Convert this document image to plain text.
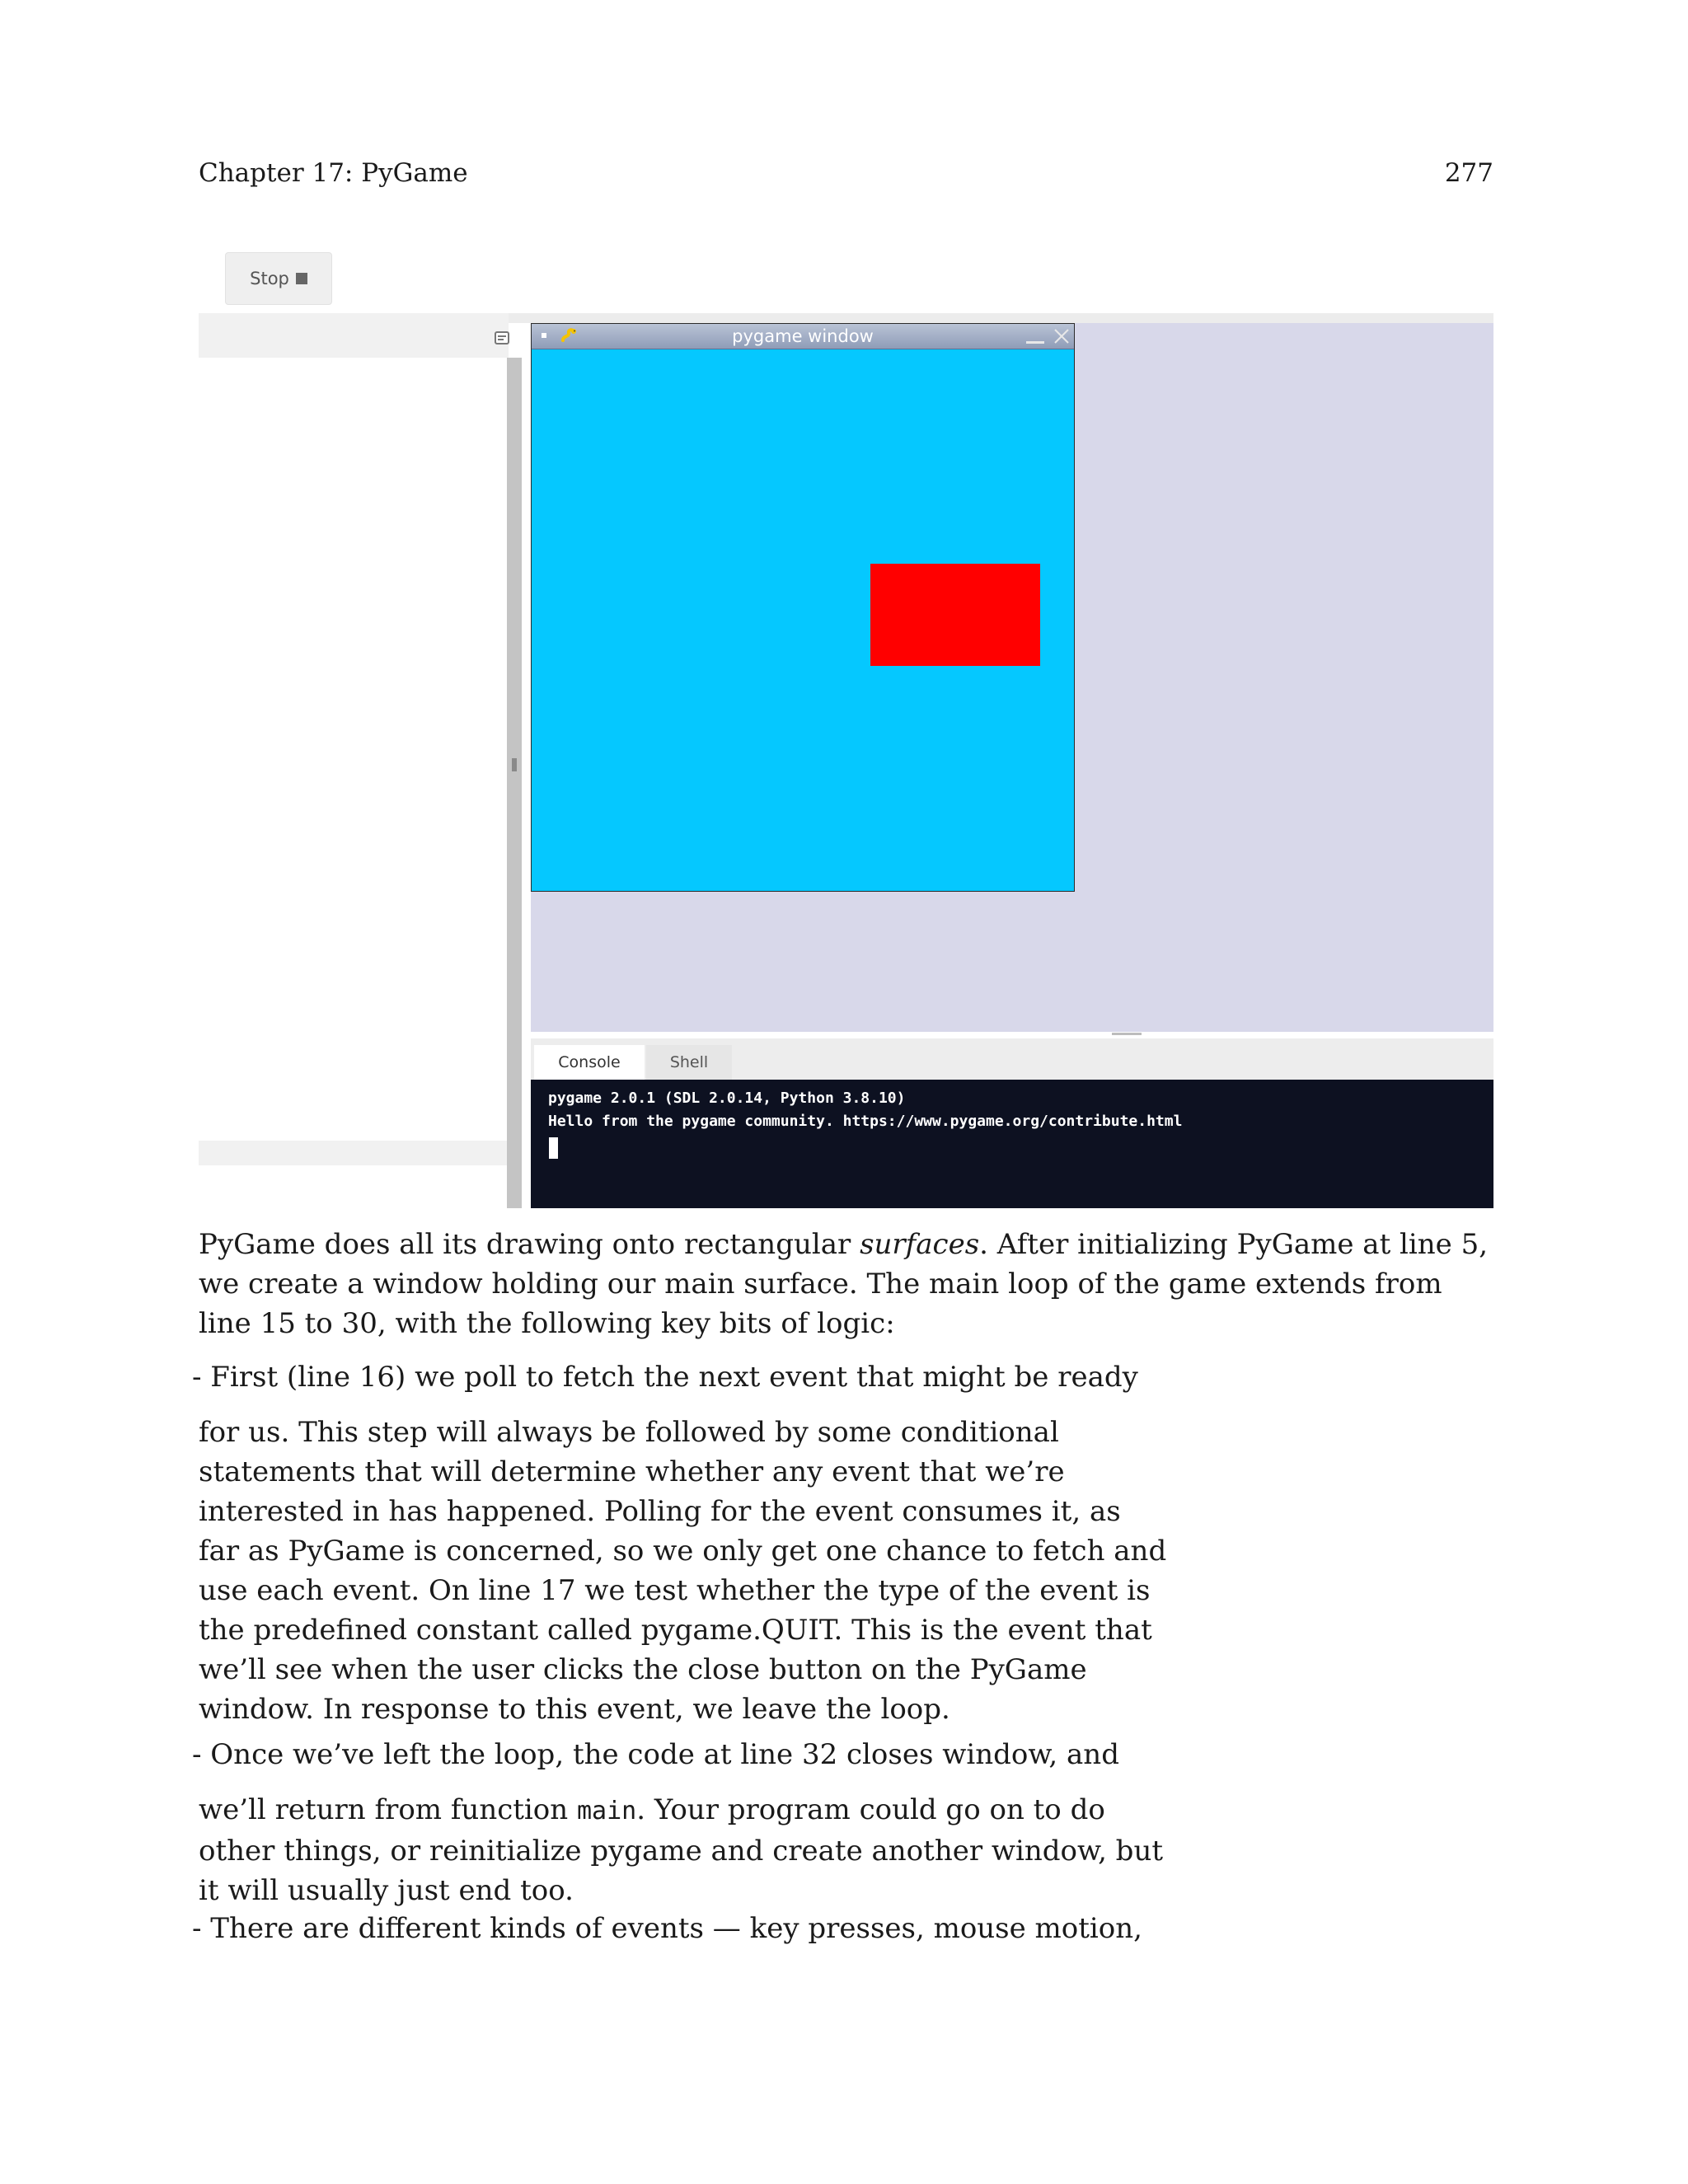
Chapter 17: PyGame	277
Stop
pygame window
Console	Shell
pygame 2.0.1 (SDL 2.0.14, Python 3.8.10)
Hello from the pygame community. https://www.pygame.org/contribute.html

PyGame does all its drawing onto rectangular surfaces. After initializing PyGame at line 5, we create a window holding our main surface. The main loop of the game extends from line 15 to 30, with the following key bits of logic:

- First (line 16) we poll to fetch the next event that might be ready
for us. This step will always be followed by some conditional
statements that will determine whether any event that we’re
interested in has happened. Polling for the event consumes it, as
far as PyGame is concerned, so we only get one chance to fetch and
use each event. On line 17 we test whether the type of the event is
the predefined constant called pygame.QUIT. This is the event that
we’ll see when the user clicks the close button on the PyGame
window. In response to this event, we leave the loop.
- Once we’ve left the loop, the code at line 32 closes window, and
we’ll return from function main. Your program could go on to do
other things, or reinitialize pygame and create another window, but
it will usually just end too.
- There are different kinds of events — key presses, mouse motion,
